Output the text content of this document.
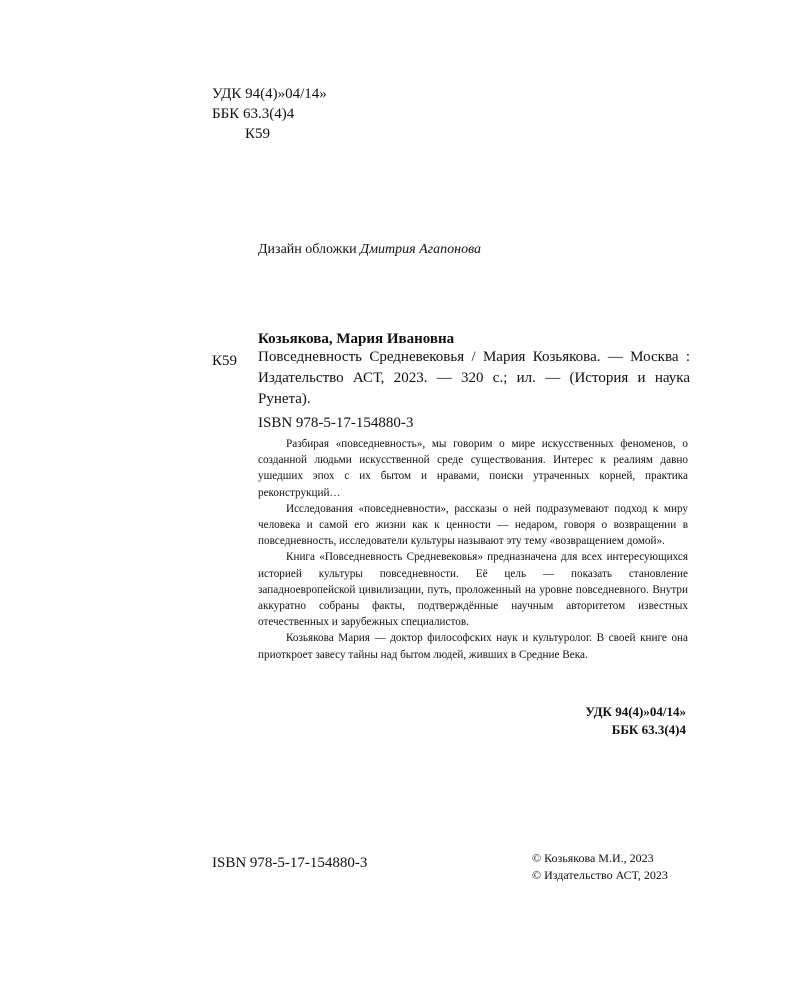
УДК 94(4)»04/14»
ББК 63.3(4)4
К59
Дизайн обложки Дмитрия Агапонова
Козьякова, Мария Ивановна
К59 Повседневность Средневековья / Мария Козьякова. — Москва : Издательство АСТ, 2023. — 320 с.; ил. — (История и наука Рунета).

ISBN 978-5-17-154880-3

Разбирая «повседневность», мы говорим о мире искусственных феноменов, о созданной людьми искусственной среде существования. Интерес к реалиям давно ушедших эпох с их бытом и нравами, поиски утраченных корней, практика реконструкций…

Исследования «повседневности», рассказы о ней подразумевают подход к миру человека и самой его жизни как к ценности — недаром, говоря о возвращении в повседневность, исследователи культуры называют эту тему «возвращением домой».

Книга «Повседневность Средневековья» предназначена для всех интересующихся историей культуры повседневности. Её цель — показать становление западноевропейской цивилизации, путь, проложенный на уровне повседневного. Внутри аккуратно собраны факты, подтверждённые научным авторитетом известных отечественных и зарубежных специалистов.

Козьякова Мария — доктор философских наук и культуролог. В своей книге она приоткроет завесу тайны над бытом людей, живших в Средние Века.

УДК 94(4)»04/14»
ББК 63.3(4)4
ISBN 978-5-17-154880-3	© Козьякова М.И., 2023
© Издательство АСТ, 2023
